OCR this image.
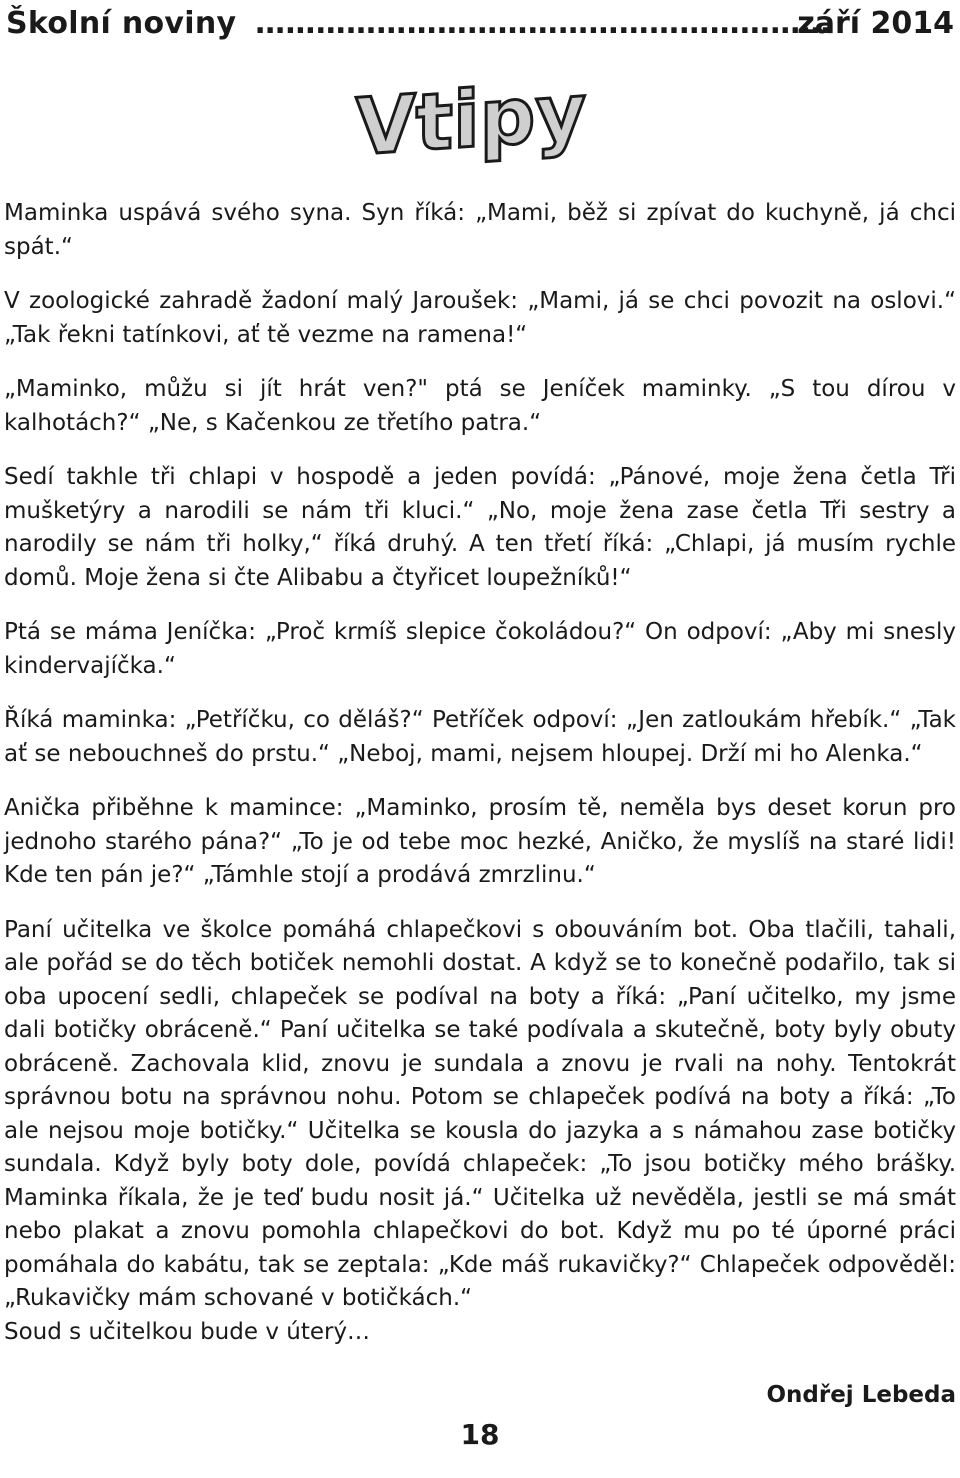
Školní noviny …………………………………………………
září 2014
Vtipy

Maminka uspává svého syna. Syn říká: „Mami, běž si zpívat do kuchyně, já chci spát.“

V zoologické zahradě žadoní malý Jaroušek: „Mami, já se chci povozit na oslovi.“ „Tak řekni tatínkovi, ať tě vezme na ramena!“

„Maminko, můžu si jít hrát ven?" ptá se Jeníček maminky. „S tou dírou v kalhotách?“ „Ne, s Kačenkou ze třetího patra.“

Sedí takhle tři chlapi v hospodě a jeden povídá: „Pánové, moje žena četla Tři mušketýry a narodili se nám tři kluci.“ „No, moje žena zase četla Tři sestry a narodily se nám tři holky,“ říká druhý. A ten třetí říká: „Chlapi, já musím rychle domů. Moje žena si čte Alibabu a čtyřicet loupežníků!“

Ptá se máma Jeníčka: „Proč krmíš slepice čokoládou?“ On odpoví: „Aby mi snesly kindervajíčka.“

Říká maminka: „Petříčku, co děláš?“ Petříček odpoví: „Jen zatloukám hřebík.“ „Tak ať se nebouchneš do prstu.“ „Neboj, mami, nejsem hloupej. Drží mi ho Alenka.“

Anička přiběhne k mamince: „Maminko, prosím tě, neměla bys deset korun pro jednoho starého pána?“ „To je od tebe moc hezké, Aničko, že myslíš na staré lidi! Kde ten pán je?“ „Támhle stojí a prodává zmrzlinu.“

Paní učitelka ve školce pomáhá chlapečkovi s obouváním bot. Oba tlačili, tahali, ale pořád se do těch botiček nemohli dostat. A když se to konečně podařilo, tak si oba upocení sedli, chlapeček se podíval na boty a říká: „Paní učitelko, my jsme dali botičky obráceně.“ Paní učitelka se také podívala a skutečně, boty byly obuty obráceně. Zachovala klid, znovu je sundala a znovu je rvali na nohy. Tentokrát správnou botu na správnou nohu. Potom se chlapeček podívá na boty a říká: „To ale nejsou moje botičky.“ Učitelka se kousla do jazyka a s námahou zase botičky sundala. Když byly boty dole, povídá chlapeček: „To jsou botičky mého brášky. Maminka říkala, že je teď budu nosit já.“ Učitelka už nevěděla, jestli se má smát nebo plakat a znovu pomohla chlapečkovi do bot. Když mu po té úporné práci pomáhala do kabátu, tak se zeptala: „Kde máš rukavičky?“ Chlapeček odpověděl: „Rukavičky mám schované v botičkách.“

Soud s učitelkou bude v úterý…

Ondřej Lebeda
18
